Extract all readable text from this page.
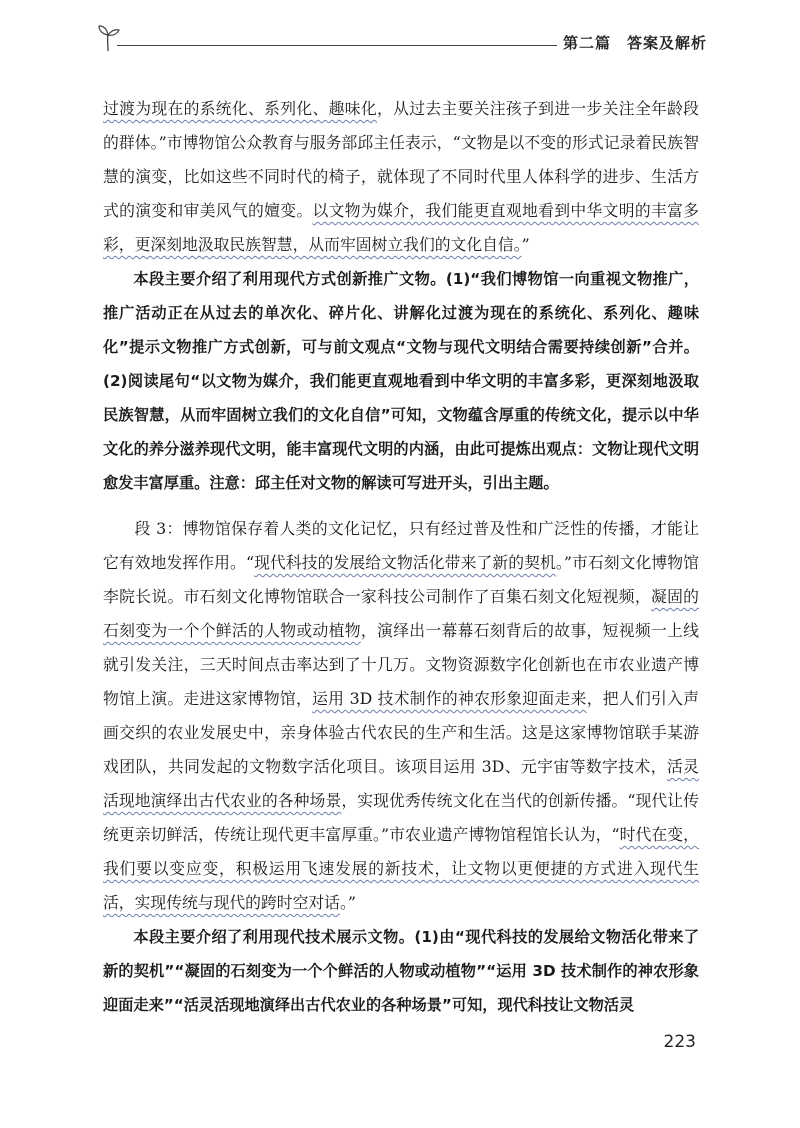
第二篇　答案及解析

过渡为现在的系统化、系列化、趣味化，从过去主要关注孩子到进一步关注全年龄段的群体。”市博物馆公众教育与服务部邱主任表示，“文物是以不变的形式记录着民族智慧的演变，比如这些不同时代的椅子，就体现了不同时代里人体科学的进步、生活方式的演变和审美风气的嬗变。以文物为媒介，我们能更直观地看到中华文明的丰富多彩，更深刻地汲取民族智慧，从而牢固树立我们的文化自信。”

本段主要介绍了利用现代方式创新推广文物。(1)“我们博物馆一向重视文物推广，推广活动正在从过去的单次化、碎片化、讲解化过渡为现在的系统化、系列化、趣味化”提示文物推广方式创新，可与前文观点“文物与现代文明结合需要持续创新”合并。(2)阅读尾句“以文物为媒介，我们能更直观地看到中华文明的丰富多彩，更深刻地汲取民族智慧，从而牢固树立我们的文化自信”可知，文物蕴含厚重的传统文化，提示以中华文化的养分滋养现代文明，能丰富现代文明的内涵，由此可提炼出观点：文物让现代文明愈发丰富厚重。注意：邱主任对文物的解读可写进开头，引出主题。

段 3：博物馆保存着人类的文化记忆，只有经过普及性和广泛性的传播，才能让它有效地发挥作用。“现代科技的发展给文物活化带来了新的契机。”市石刻文化博物馆李院长说。市石刻文化博物馆联合一家科技公司制作了百集石刻文化短视频，凝固的石刻变为一个个鲜活的人物或动植物，演绎出一幕幕石刻背后的故事，短视频一上线就引发关注，三天时间点击率达到了十几万。文物资源数字化创新也在市农业遗产博物馆上演。走进这家博物馆，运用 3D 技术制作的神农形象迎面走来，把人们引入声画交织的农业发展史中，亲身体验古代农民的生产和生活。这是这家博物馆联手某游戏团队，共同发起的文物数字活化项目。该项目运用 3D、元宇宙等数字技术，活灵活现地演绎出古代农业的各种场景，实现优秀传统文化在当代的创新传播。“现代让传统更亲切鲜活，传统让现代更丰富厚重。”市农业遗产博物馆程馆长认为，“时代在变，我们要以变应变，积极运用飞速发展的新技术，让文物以更便捷的方式进入现代生活，实现传统与现代的跨时空对话。”

本段主要介绍了利用现代技术展示文物。(1)由“现代科技的发展给文物活化带来了新的契机”“凝固的石刻变为一个个鲜活的人物或动植物”“运用 3D 技术制作的神农形象迎面走来”“活灵活现地演绎出古代农业的各种场景”可知，现代科技让文物活灵

223
